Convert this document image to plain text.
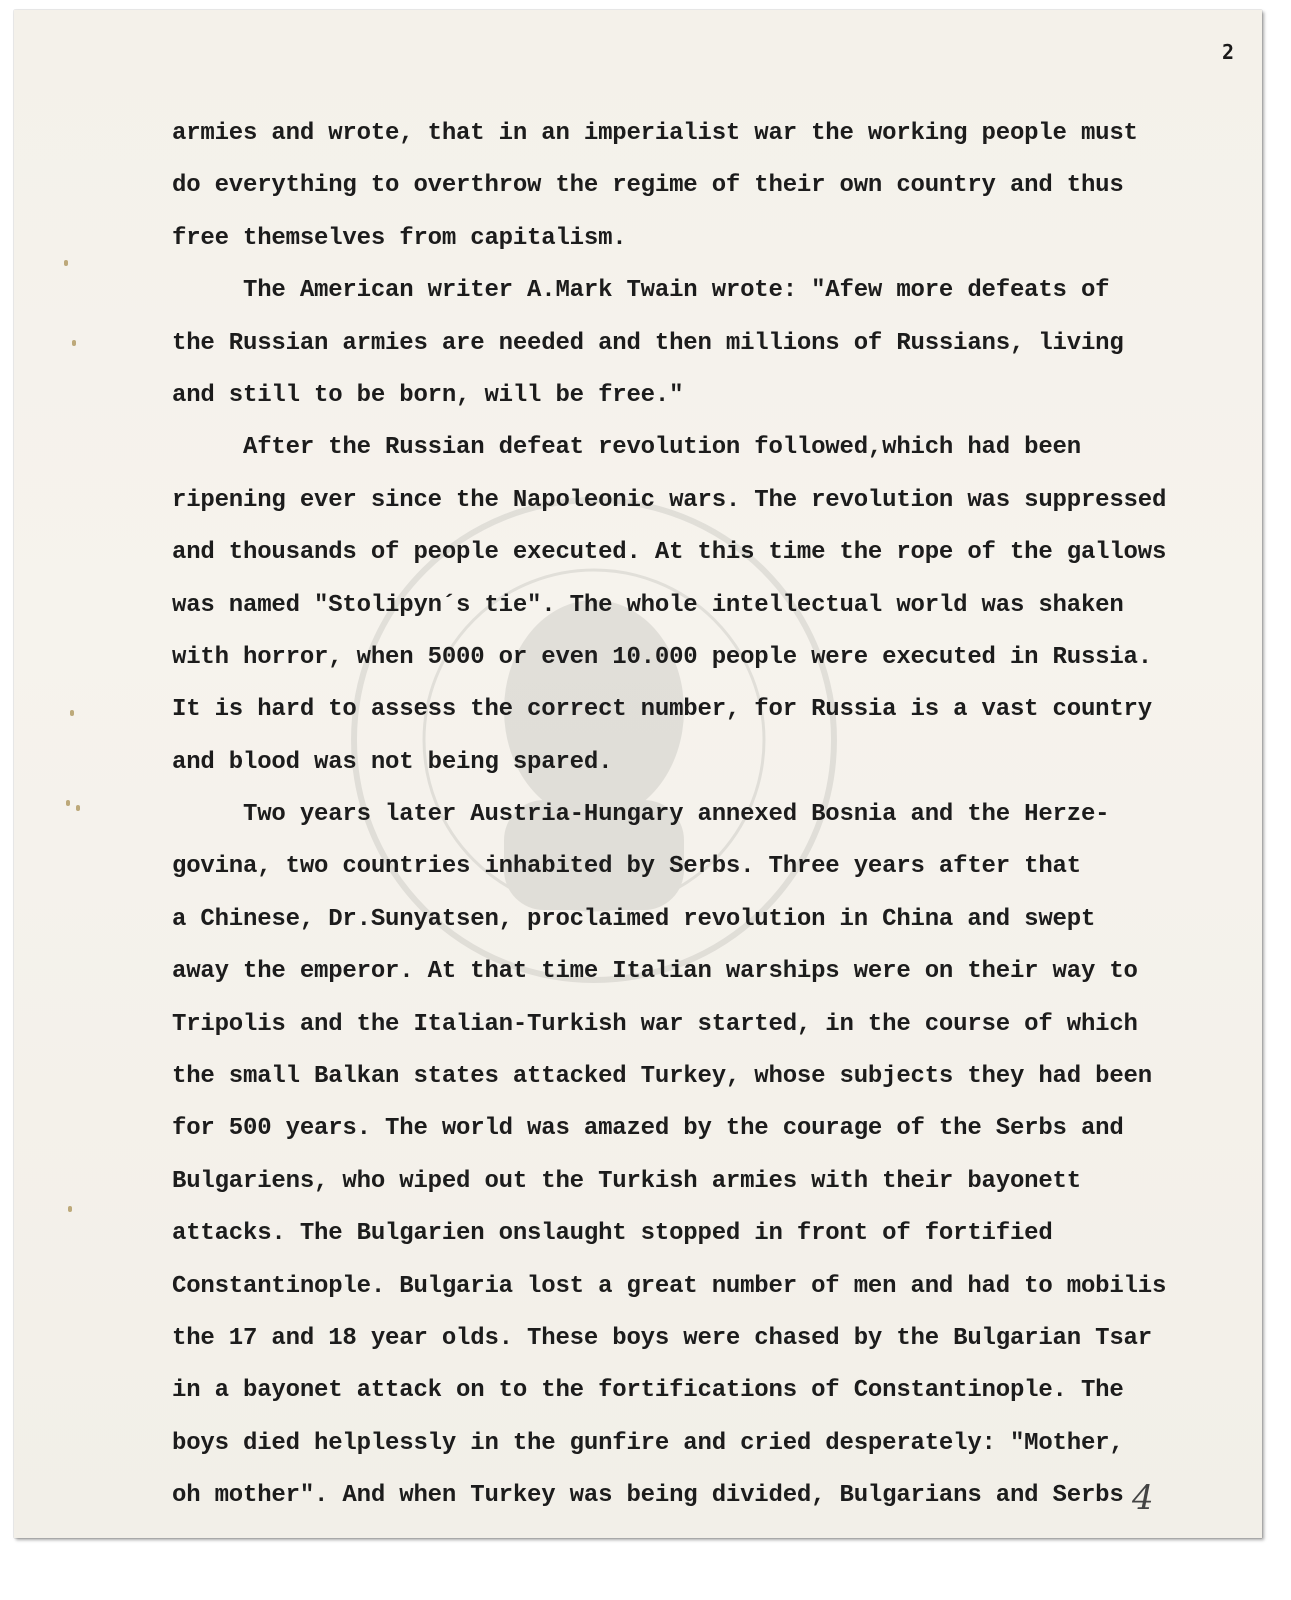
2
armies and wrote, that in an imperialist war the working people must
do everything to overthrow the regime of their own country and thus
free themselves from capitalism.
The American writer A.Mark Twain wrote: "Afew more defeats of
the Russian armies are needed and then millions of Russians, living
and still to be born, will be free."
After the Russian defeat revolution followed,which had been
ripening ever since the Napoleonic wars. The revolution was suppressed
and thousands of people executed. At this time the rope of the gallows
was named "Stolipyn´s tie". The whole intellectual world was shaken
with horror, when 5000 or even 10.000 people were executed in Russia.
It is hard to assess the correct number, for Russia is a vast country
and blood was not being spared.
Two years later Austria-Hungary annexed Bosnia and the Herze-
govina, two countries inhabited by Serbs. Three years after that
a Chinese, Dr.Sunyatsen, proclaimed revolution in China and swept
away the emperor. At that time Italian warships were on their way to
Tripolis and the Italian-Turkish war started, in the course of which
the small Balkan states attacked Turkey, whose subjects they had been
for 500 years. The world was amazed by the courage of the Serbs and
Bulgariens, who wiped out the Turkish armies with their bayonett
attacks. The Bulgarien onslaught stopped in front of fortified
Constantinople. Bulgaria lost a great number of men and had to mobilis
the 17 and 18 year olds. These boys were chased by the Bulgarian Tsar
in a bayonet attack on to the fortifications of Constantinople. The
boys died helplessly in the gunfire and cried desperately: "Mother,
oh mother". And when Turkey was being divided, Bulgarians and Serbs 4
